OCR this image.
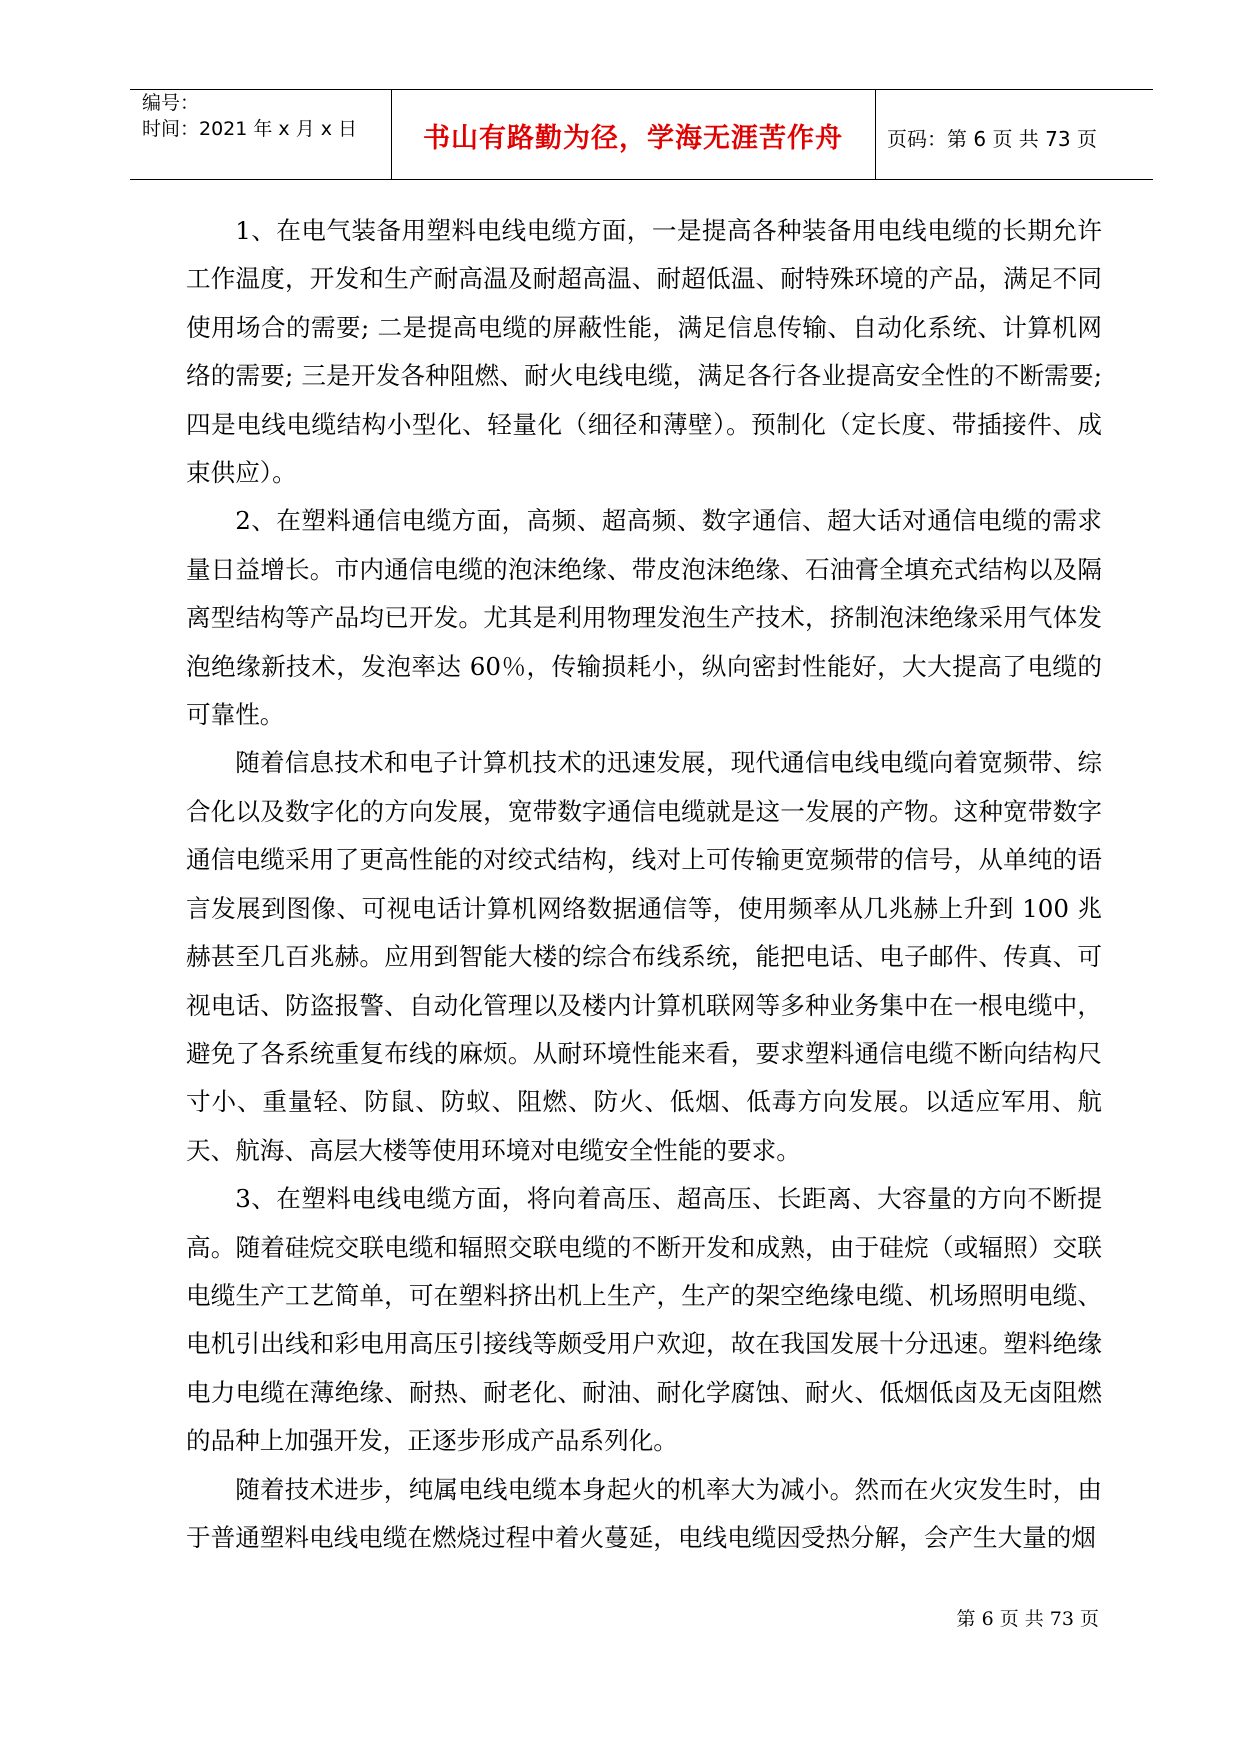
编号：
时间：2021 年 x 月 x 日	书山有路勤为径，学海无涯苦作舟	页码：第 6 页 共 73 页

1、在电气装备用塑料电线电缆方面，一是提高各种装备用电线电缆的长期允许工作温度，开发和生产耐高温及耐超高温、耐超低温、耐特殊环境的产品，满足不同使用场合的需要; 二是提高电缆的屏蔽性能，满足信息传输、自动化系统、计算机网络的需要; 三是开发各种阻燃、耐火电线电缆，满足各行各业提高安全性的不断需要; 四是电线电缆结构小型化、轻量化（细径和薄壁）。预制化（定长度、带插接件、成束供应）。

2、在塑料通信电缆方面，高频、超高频、数字通信、超大话对通信电缆的需求量日益增长。市内通信电缆的泡沫绝缘、带皮泡沫绝缘、石油膏全填充式结构以及隔离型结构等产品均已开发。尤其是利用物理发泡生产技术，挤制泡沫绝缘采用气体发泡绝缘新技术，发泡率达 60％，传输损耗小，纵向密封性能好，大大提高了电缆的可靠性。

随着信息技术和电子计算机技术的迅速发展，现代通信电线电缆向着宽频带、综合化以及数字化的方向发展，宽带数字通信电缆就是这一发展的产物。这种宽带数字通信电缆采用了更高性能的对绞式结构，线对上可传输更宽频带的信号，从单纯的语言发展到图像、可视电话计算机网络数据通信等，使用频率从几兆赫上升到 100 兆赫甚至几百兆赫。应用到智能大楼的综合布线系统，能把电话、电子邮件、传真、可视电话、防盗报警、自动化管理以及楼内计算机联网等多种业务集中在一根电缆中，避免了各系统重复布线的麻烦。从耐环境性能来看，要求塑料通信电缆不断向结构尺寸小、重量轻、防鼠、防蚁、阻燃、防火、低烟、低毒方向发展。以适应军用、航天、航海、高层大楼等使用环境对电缆安全性能的要求。

3、在塑料电线电缆方面，将向着高压、超高压、长距离、大容量的方向不断提高。随着硅烷交联电缆和辐照交联电缆的不断开发和成熟，由于硅烷（或辐照）交联电缆生产工艺简单，可在塑料挤出机上生产，生产的架空绝缘电缆、机场照明电缆、电机引出线和彩电用高压引接线等颇受用户欢迎，故在我国发展十分迅速。塑料绝缘电力电缆在薄绝缘、耐热、耐老化、耐油、耐化学腐蚀、耐火、低烟低卤及无卤阻燃的品种上加强开发，正逐步形成产品系列化。

随着技术进步，纯属电线电缆本身起火的机率大为减小。然而在火灾发生时，由于普通塑料电线电缆在燃烧过程中着火蔓延，电线电缆因受热分解，会产生大量的烟

第 6 页 共 73 页
